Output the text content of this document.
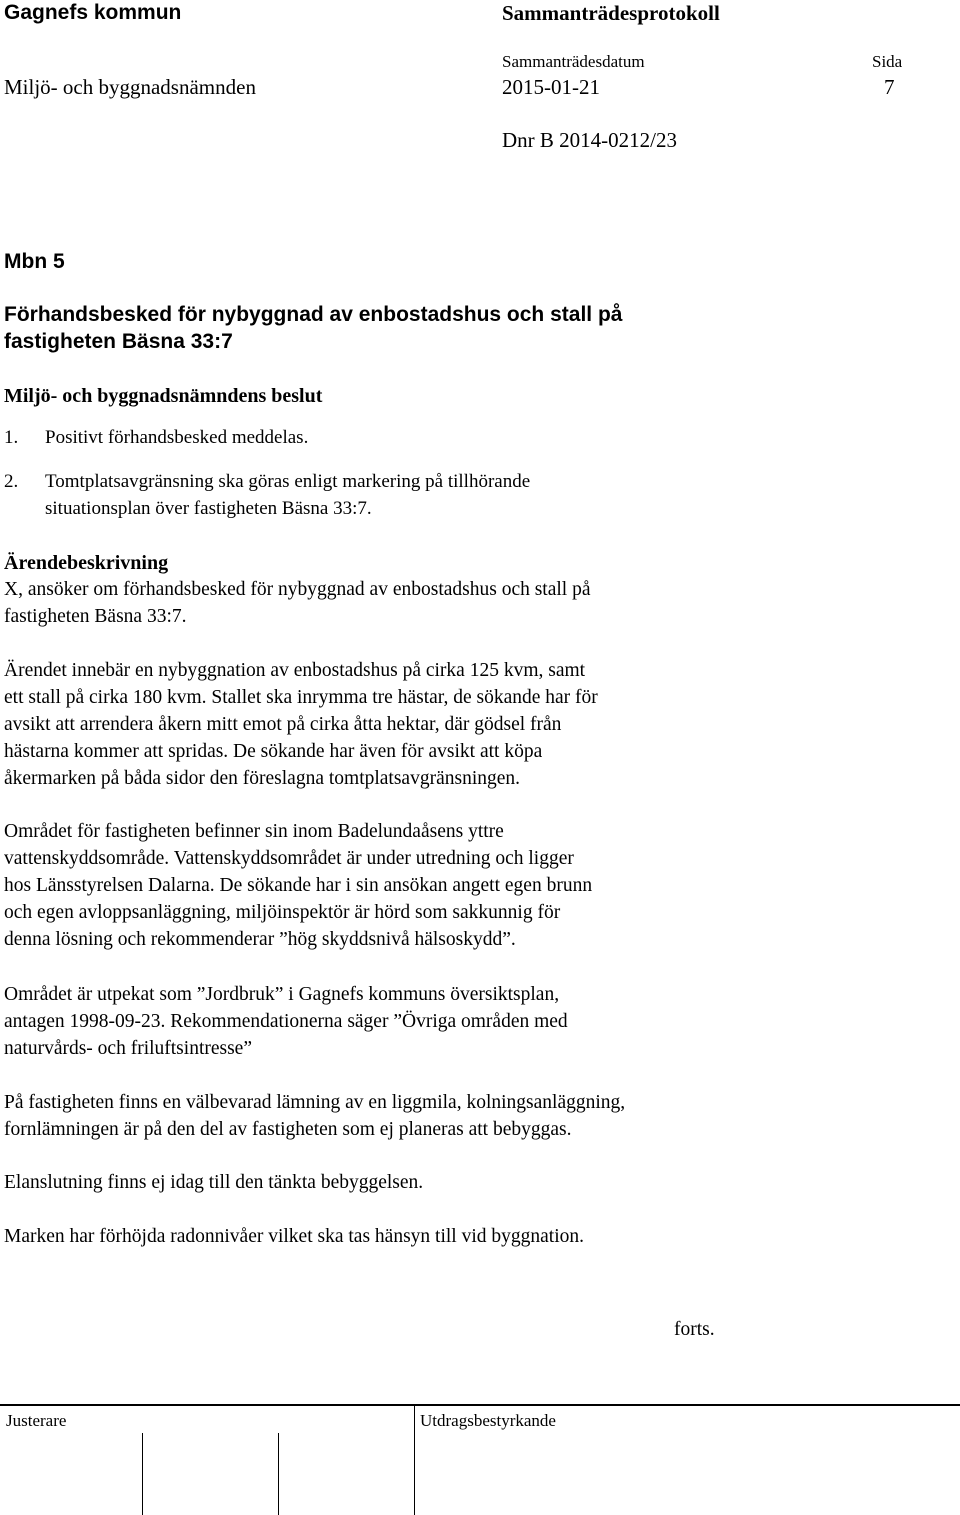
Gagnefs kommun	Sammanträdesprotokoll
Sammanträdesdatum	Sida
Miljö- och byggnadsnämnden	2015-01-21	7
Dnr B 2014-0212/23
Mbn 5
Förhandsbesked för nybyggnad av enbostadshus och stall på
fastigheten Bäsna 33:7
Miljö- och byggnadsnämndens beslut
1. Positivt förhandsbesked meddelas.
2. Tomtplatsavgränsning ska göras enligt markering på tillhörande
situationsplan över fastigheten Bäsna 33:7.
Ärendebeskrivning
X, ansöker om förhandsbesked för nybyggnad av enbostadshus och stall på
fastigheten Bäsna 33:7.
Ärendet innebär en nybyggnation av enbostadshus på cirka 125 kvm, samt
ett stall på cirka 180 kvm. Stallet ska inrymma tre hästar, de sökande har för
avsikt att arrendera åkern mitt emot på cirka åtta hektar, där gödsel från
hästarna kommer att spridas. De sökande har även för avsikt att köpa
åkermarken på båda sidor den föreslagna tomtplatsavgränsningen.
Området för fastigheten befinner sin inom Badelundaåsens yttre
vattenskyddsområde. Vattenskyddsområdet är under utredning och ligger
hos Länsstyrelsen Dalarna. De sökande har i sin ansökan angett egen brunn
och egen avloppsanläggning, miljöinspektör är hörd som sakkunnig för
denna lösning och rekommenderar ”hög skyddsnivå hälsoskydd”.
Området är utpekat som ”Jordbruk” i Gagnefs kommuns översiktsplan,
antagen 1998-09-23. Rekommendationerna säger ”Övriga områden med
naturvårds- och friluftsintresse”
På fastigheten finns en välbevarad lämning av en liggmila, kolningsanläggning,
fornlämningen är på den del av fastigheten som ej planeras att bebyggas.
Elanslutning finns ej idag till den tänkta bebyggelsen.
Marken har förhöjda radonnivåer vilket ska tas hänsyn till vid byggnation.
forts.
Justerare	Utdragsbestyrkande
